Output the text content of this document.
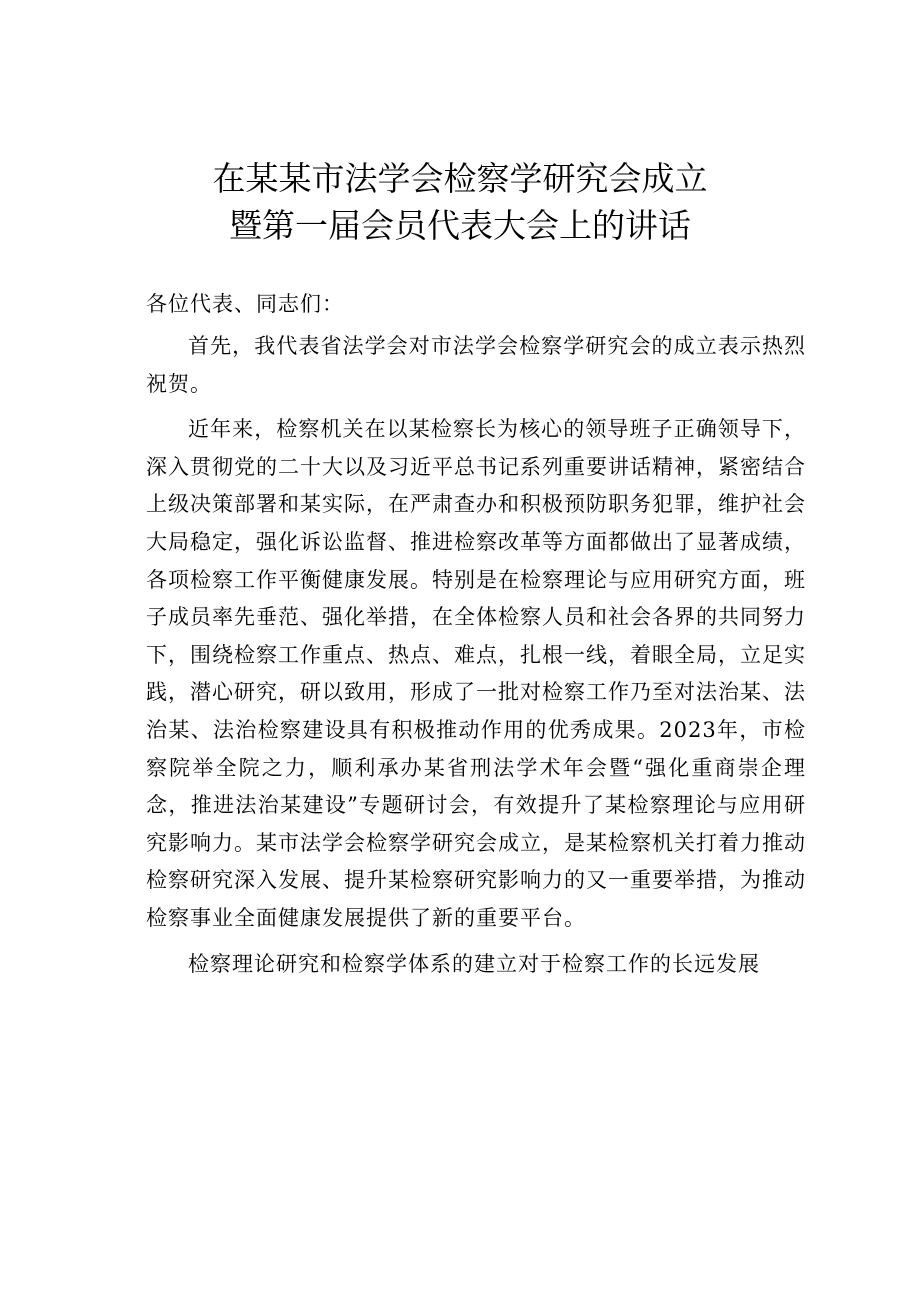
在某某市法学会检察学研究会成立
暨第一届会员代表大会上的讲话

各位代表、同志们：

首先，我代表省法学会对市法学会检察学研究会的成立表示热烈祝贺。

近年来，检察机关在以某检察长为核心的领导班子正确领导下，深入贯彻党的二十大以及习近平总书记系列重要讲话精神，紧密结合上级决策部署和某实际，在严肃查办和积极预防职务犯罪，维护社会大局稳定，强化诉讼监督、推进检察改革等方面都做出了显著成绩，各项检察工作平衡健康发展。特别是在检察理论与应用研究方面，班子成员率先垂范、强化举措，在全体检察人员和社会各界的共同努力下，围绕检察工作重点、热点、难点，扎根一线，着眼全局，立足实践，潜心研究，研以致用，形成了一批对检察工作乃至对法治某、法治某、法治检察建设具有积极推动作用的优秀成果。2023年，市检察院举全院之力，顺利承办某省刑法学术年会暨“强化重商崇企理念，推进法治某建设”专题研讨会，有效提升了某检察理论与应用研究影响力。某市法学会检察学研究会成立，是某检察机关打着力推动检察研究深入发展、提升某检察研究影响力的又一重要举措，为推动检察事业全面健康发展提供了新的重要平台。

检察理论研究和检察学体系的建立对于检察工作的长远发展
